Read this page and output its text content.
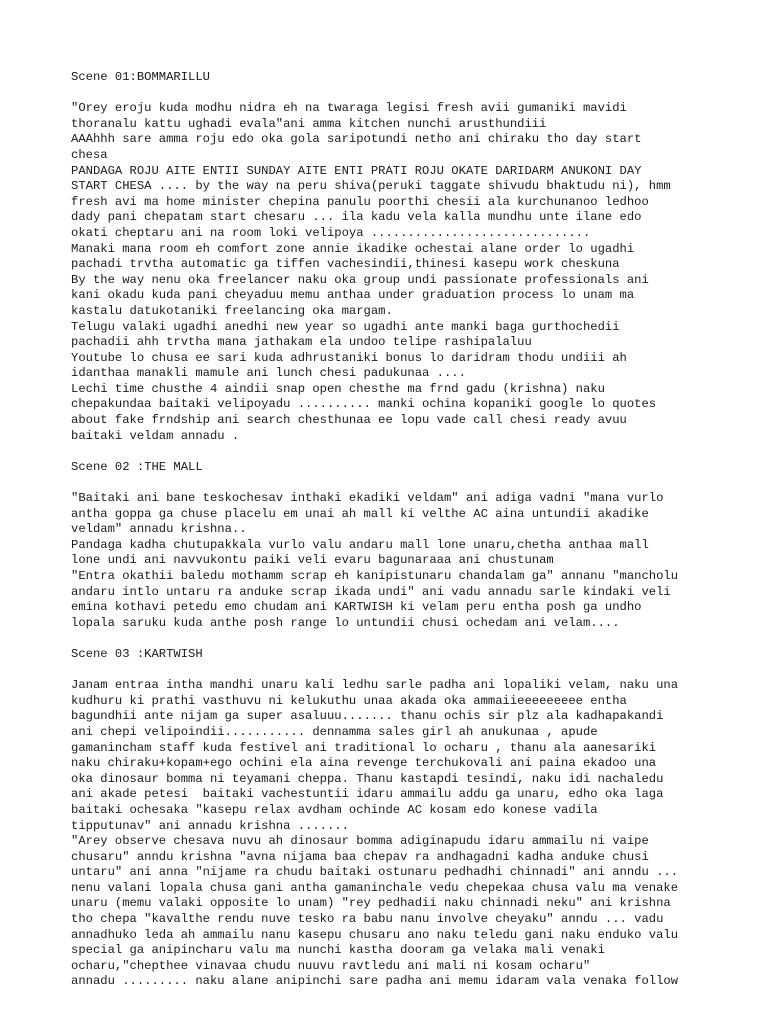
Scene 01:BOMMARILLU
"Orey eroju kuda modhu nidra eh na twaraga legisi fresh avii gumaniki mavidi
thoranalu kattu ughadi evala"ani amma kitchen nunchi arusthundiii
AAAhhh sare amma roju edo oka gola saripotundi netho ani chiraku tho day start
chesa
PANDAGA ROJU AITE ENTII SUNDAY AITE ENTI PRATI ROJU OKATE DARIDARM ANUKONI DAY
START CHESA .... by the way na peru shiva(peruki taggate shivudu bhaktudu ni), hmm
fresh avi ma home minister chepina panulu poorthi chesii ala kurchunanoo ledhoo
dady pani chepatam start chesaru ... ila kadu vela kalla mundhu unte ilane edo
okati cheptaru ani na room loki velipoya ..............................
Manaki mana room eh comfort zone annie ikadike ochestai alane order lo ugadhi
pachadi trvtha automatic ga tiffen vachesindii,thinesi kasepu work cheskuna
By the way nenu oka freelancer naku oka group undi passionate professionals ani
kani okadu kuda pani cheyaduu memu anthaa under graduation process lo unam ma
kastalu datukotaniki freelancing oka margam.
Telugu valaki ugadhi anedhi new year so ugadhi ante manki baga gurthochedii
pachadii ahh trvtha mana jathakam ela undoo telipe rashipalaluu
Youtube lo chusa ee sari kuda adhrustaniki bonus lo daridram thodu undiii ah
idanthaa manakli mamule ani lunch chesi padukunaa ....
Lechi time chusthe 4 aindii snap open chesthe ma frnd gadu (krishna) naku
chepakundaa baitaki velipoyadu .......... manki ochina kopaniki google lo quotes
about fake frndship ani search chesthunaa ee lopu vade call chesi ready avuu
baitaki veldam annadu .
Scene 02 :THE MALL
"Baitaki ani bane teskochesav inthaki ekadiki veldam" ani adiga vadni "mana vurlo
antha goppa ga chuse placelu em unai ah mall ki velthe AC aina untundii akadike
veldam" annadu krishna..
Pandaga kadha chutupakkala vurlo valu andaru mall lone unaru,chetha anthaa mall
lone undi ani navvukontu paiki veli evaru bagunaraaa ani chustunam
"Entra okathii baledu mothamm scrap eh kanipistunaru chandalam ga" annanu "mancholu
andaru intlo untaru ra anduke scrap ikada undi" ani vadu annadu sarle kindaki veli
emina kothavi petedu emo chudam ani KARTWISH ki velam peru entha posh ga undho
lopala saruku kuda anthe posh range lo untundii chusi ochedam ani velam....
Scene 03 :KARTWISH
Janam entraa intha mandhi unaru kali ledhu sarle padha ani lopaliki velam, naku una
kudhuru ki prathi vasthuvu ni kelukuthu unaa akada oka ammaiieeeeeeeee entha
bagundhii ante nijam ga super asaluuu....... thanu ochis sir plz ala kadhapakandi
ani chepi velipoindii........... dennamma sales girl ah anukunaa , apude
gamanincham staff kuda festivel ani traditional lo ocharu , thanu ala aanesariki
naku chiraku+kopam+ego ochini ela aina revenge terchukovali ani paina ekadoo una
oka dinosaur bomma ni teyamani cheppa. Thanu kastapdi tesindi, naku idi nachaledu
ani akade petesi  baitaki vachestuntii idaru ammailu addu ga unaru, edho oka laga
baitaki ochesaka "kasepu relax avdham ochinde AC kosam edo konese vadila
tipputunav" ani annadu krishna .......
"Arey observe chesava nuvu ah dinosaur bomma adiginapudu idaru ammailu ni vaipe
chusaru" anndu krishna "avna nijama baa chepav ra andhagadni kadha anduke chusi
untaru" ani anna "nijame ra chudu baitaki ostunaru pedhadhi chinnadi" ani anndu ...
nenu valani lopala chusa gani antha gamaninchale vedu chepekaa chusa valu ma venake
unaru (memu valaki opposite lo unam) "rey pedhadii naku chinnadi neku" ani krishna
tho chepa "kavalthe rendu nuve tesko ra babu nanu involve cheyaku" anndu ... vadu
annadhuko leda ah ammailu nanu kasepu chusaru ano naku teledu gani naku enduko valu
special ga anipincharu valu ma nunchi kastha dooram ga velaka mali venaki
ocharu,"chepthee vinavaa chudu nuuvu ravtledu ani mali ni kosam ocharu"
annadu ......... naku alane anipinchi sare padha ani memu idaram vala venaka follow
